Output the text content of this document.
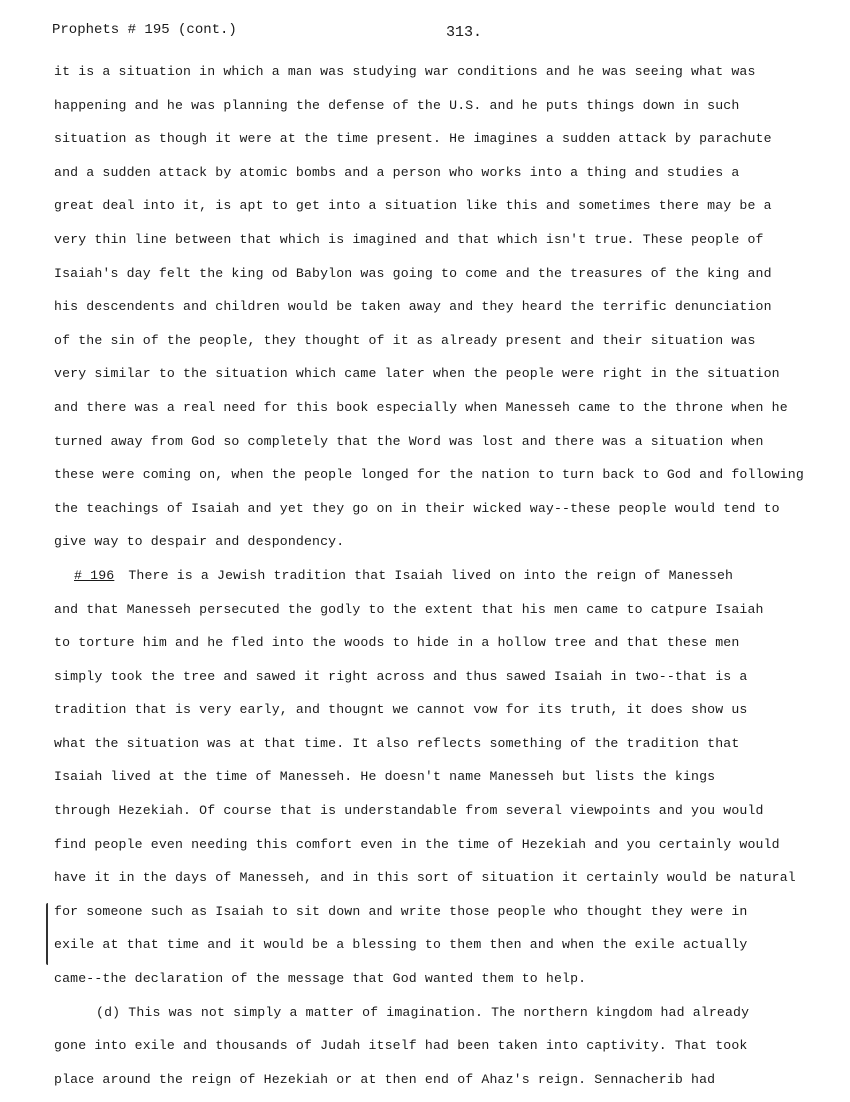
Prophets # 195 (cont.)	313.
it is a situation in which a man was studying war conditions and he was seeing what was
happening and he was planning the defense of the U.S. and he puts things down in such
situation as though it were at the time present. He imagines a sudden attack by parachute
and a sudden attack by atomic bombs and a person who works into a thing and studies a
great deal into it, is apt to get into a situation like this and sometimes there may be a
very thin line between that which is imagined and that which isn't true. These people of
Isaiah's day felt the king od Babylon was going to come and the treasures of the king and
his descendents and children would be taken away and they heard the terrific denunciation
of the sin of the people, they thought of it as already present and their situation was
very similar to the situation which came later when the people were right in the situation
and there was a real need for this book especially when Manesseh came to the throne when he
turned away from God so completely that the Word was lost and there was a situation when
these were coming on, when the people longed for the nation to turn back to God and following
the teachings of Isaiah and yet they go on in their wicked way--these people would tend to
give way to despair and despondency.
# 196 There is a Jewish tradition that Isaiah lived on into the reign of Manesseh
and that Manesseh persecuted the godly to the extent that his men came to catpure Isaiah
to torture him and he fled into the woods to hide in a hollow tree and that these men
simply took the tree and sawed it right across and thus sawed Isaiah in two--that is a
tradition that is very early, and thougnt we cannot vow for its truth, it does show us
what the situation was at that time. It also reflects something of the tradition that
Isaiah lived at the time of Manesseh. He doesn't name Manesseh but lists the kings
through Hezekiah. Of course that is understandable from several viewpoints and you would
find people even needing this comfort even in the time of Hezekiah and you certainly would
have it in the days of Manesseh, and in this sort of situation it certainly would be natural
for someone such as Isaiah to sit down and write those people who thought they were in
exile at that time and it would be a blessing to them then and when the exile actually
came--the declaration of the message that God wanted them to help.
(d) This was not simply a matter of imagination. The northern kingdom had already
gone into exile and thousands of Judah itself had been taken into captivity. That took
place around the reign of Hezekiah or at then end of Ahaz's reign. Sennacherib had
